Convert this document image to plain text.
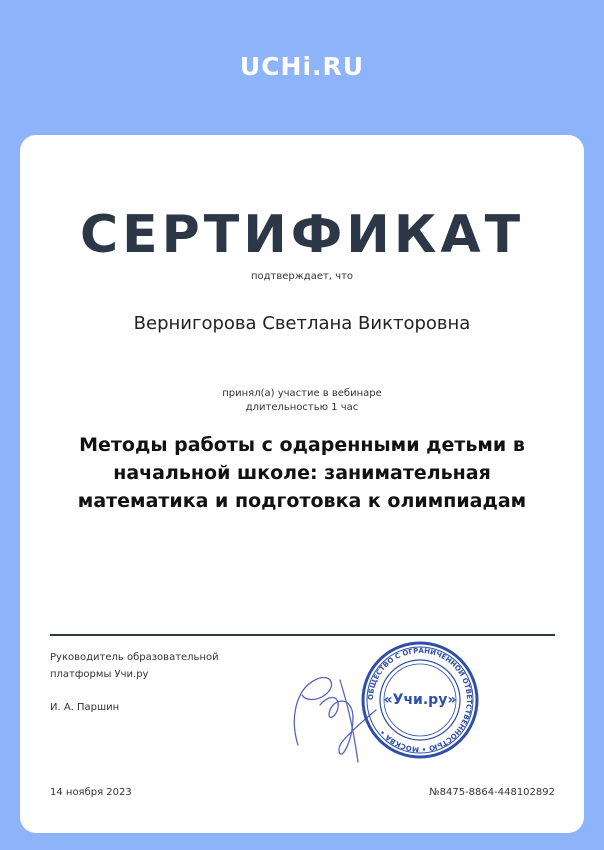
UCHi.RU
СЕРТИФИКАТ
подтверждает, что
Вернигорова Светлана Викторовна
принял(а) участие в вебинаре
длительностью 1 час
Методы работы с одаренными детьми в начальной школе: занимательная математика и подготовка к олимпиадам
Руководитель образовательной
платформы Учи.ру
И. А. Паршин
ОБЩЕСТВО С ОГРАНИЧЕННОЙ ОТВЕТСТВЕННОСТЬЮ • МОСКВА •
«Учи.ру»
14 ноября 2023	№8475-8864-448102892
